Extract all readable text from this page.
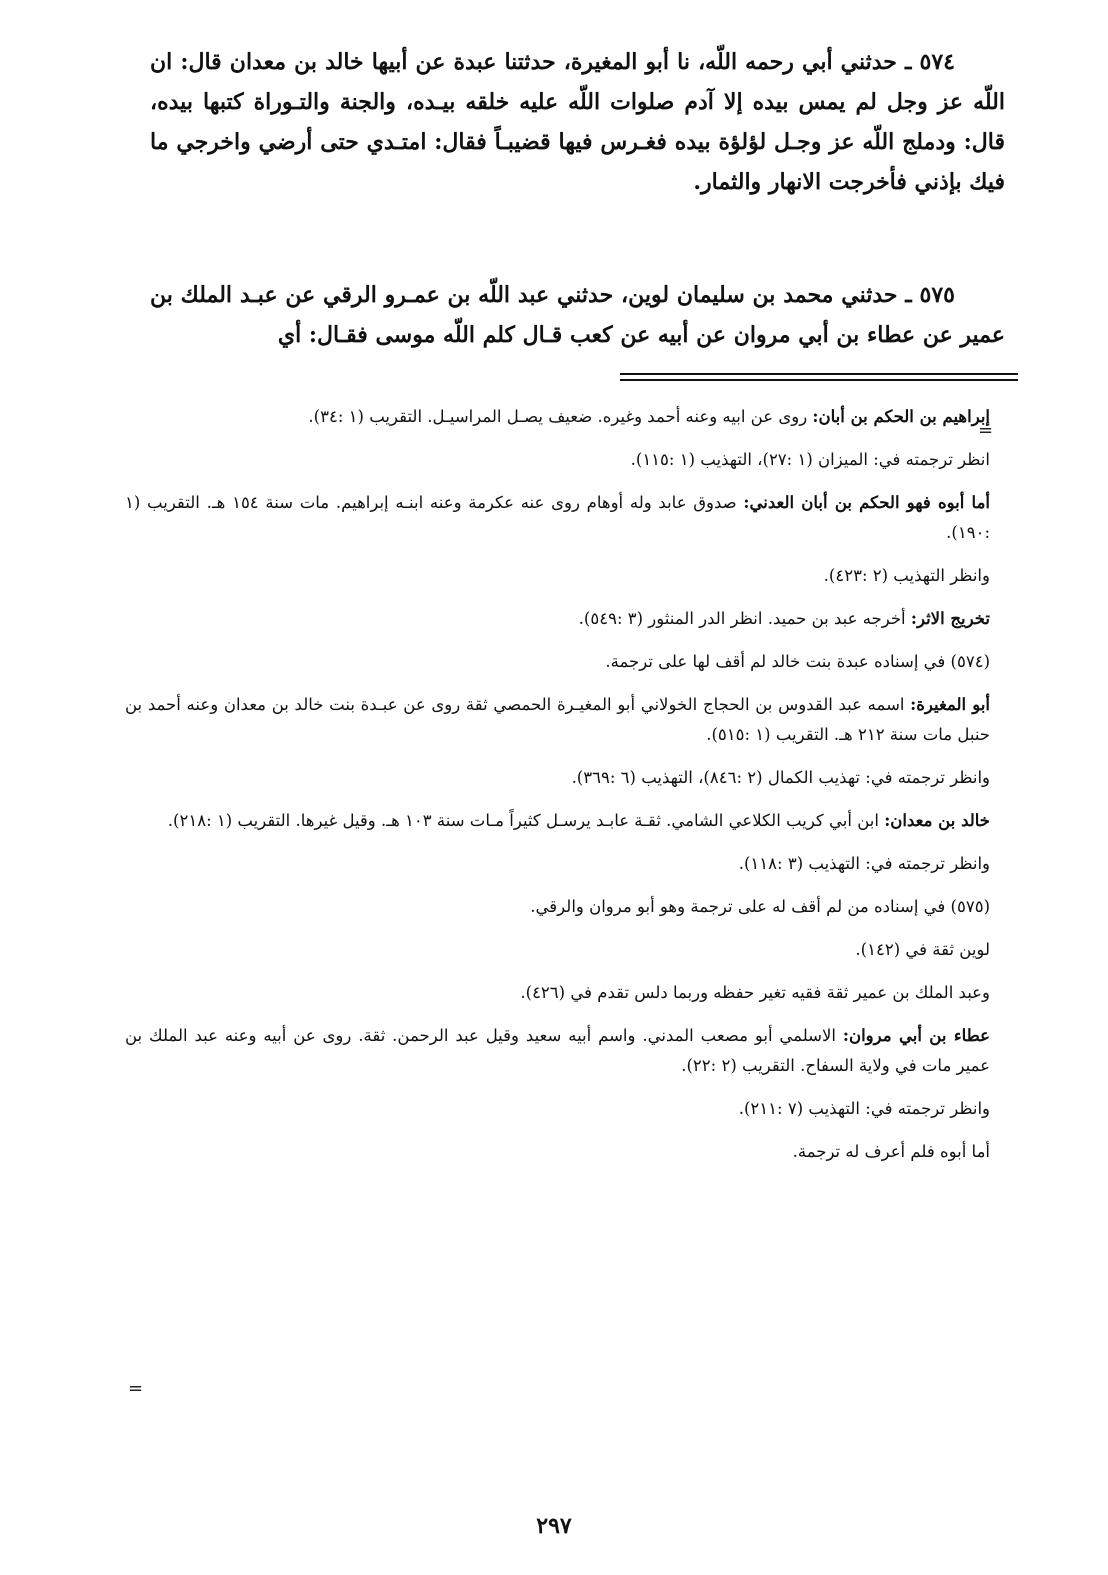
٥٧٤ ـ حدثني أبي رحمه اللّه، نا أبو المغيرة، حدثتنا عبدة عن أبيها خالد بن معدان قال: ان اللّه عز وجل لم يمس بيده إلا آدم صلوات اللّه عليه خلقه بيـده، والجنة والتـوراة كتبها بيده، قال: ودملج اللّه عز وجـل لؤلؤة بيده فغـرس فيها قضيبـاً فقال: امتـدي حتى أرضي واخرجي ما فيك بإذني فأخرجت الانهار والثمار.

٥٧٥ ـ حدثني محمد بن سليمان لوين، حدثني عبد اللّه بن عمـرو الرقي عن عبـد الملك بن عمير عن عطاء بن أبي مروان عن أبيه عن كعب قـال كلم اللّه موسى فقـال: أي

=

إبراهيم بن الحكم بن أبان: روى عن ابيه وعنه أحمد وغيره. ضعيف يصـل المراسيـل. التقريب (١ :٣٤).

انظر ترجمته في: الميزان (١ :٢٧)، التهذيب (١ :١١٥).

أما أبوه فهو الحكم بن أبان العدني: صدوق عابد وله أوهام روى عنه عكرمة وعنه ابنـه إبراهيم. مات سنة ١٥٤ هـ. التقريب (١ :١٩٠).

وانظر التهذيب (٢ :٤٢٣).

تخريج الاثر: أخرجه عبد بن حميد. انظر الدر المنثور (٣ :٥٤٩).

(٥٧٤) في إسناده عبدة بنت خالد لم أقف لها على ترجمة.

أبو المغيرة: اسمه عبد القدوس بن الحجاج الخولاني أبو المغيـرة الحمصي ثقة روى عن عبـدة بنت خالد بن معدان وعنه أحمد بن حنبل مات سنة ٢١٢ هـ. التقريب (١ :٥١٥).

وانظر ترجمته في: تهذيب الكمال (٢ :٨٤٦)، التهذيب (٦ :٣٦٩).

خالد بن معدان: ابن أبي كريب الكلاعي الشامي. ثقـة عابـد يرسـل كثيراً مـات سنة ١٠٣ هـ. وقيل غيرها. التقريب (١ :٢١٨).

وانظر ترجمته في: التهذيب (٣ :١١٨).

(٥٧٥) في إسناده من لم أقف له على ترجمة وهو أبو مروان والرقي.

لوين ثقة في (١٤٢).

وعبد الملك بن عمير ثقة فقيه تغير حفظه وربما دلس تقدم في (٤٢٦).

عطاء بن أبي مروان: الاسلمي أبو مصعب المدني. واسم أبيه سعيد وقيل عبد الرحمن. ثقة. روى عن أبيه وعنه عبد الملك بن عمير مات في ولاية السفاح. التقريب (٢ :٢٢).

وانظر ترجمته في: التهذيب (٧ :٢١١).

أما أبوه فلم أعرف له ترجمة.

=
٢٩٧
